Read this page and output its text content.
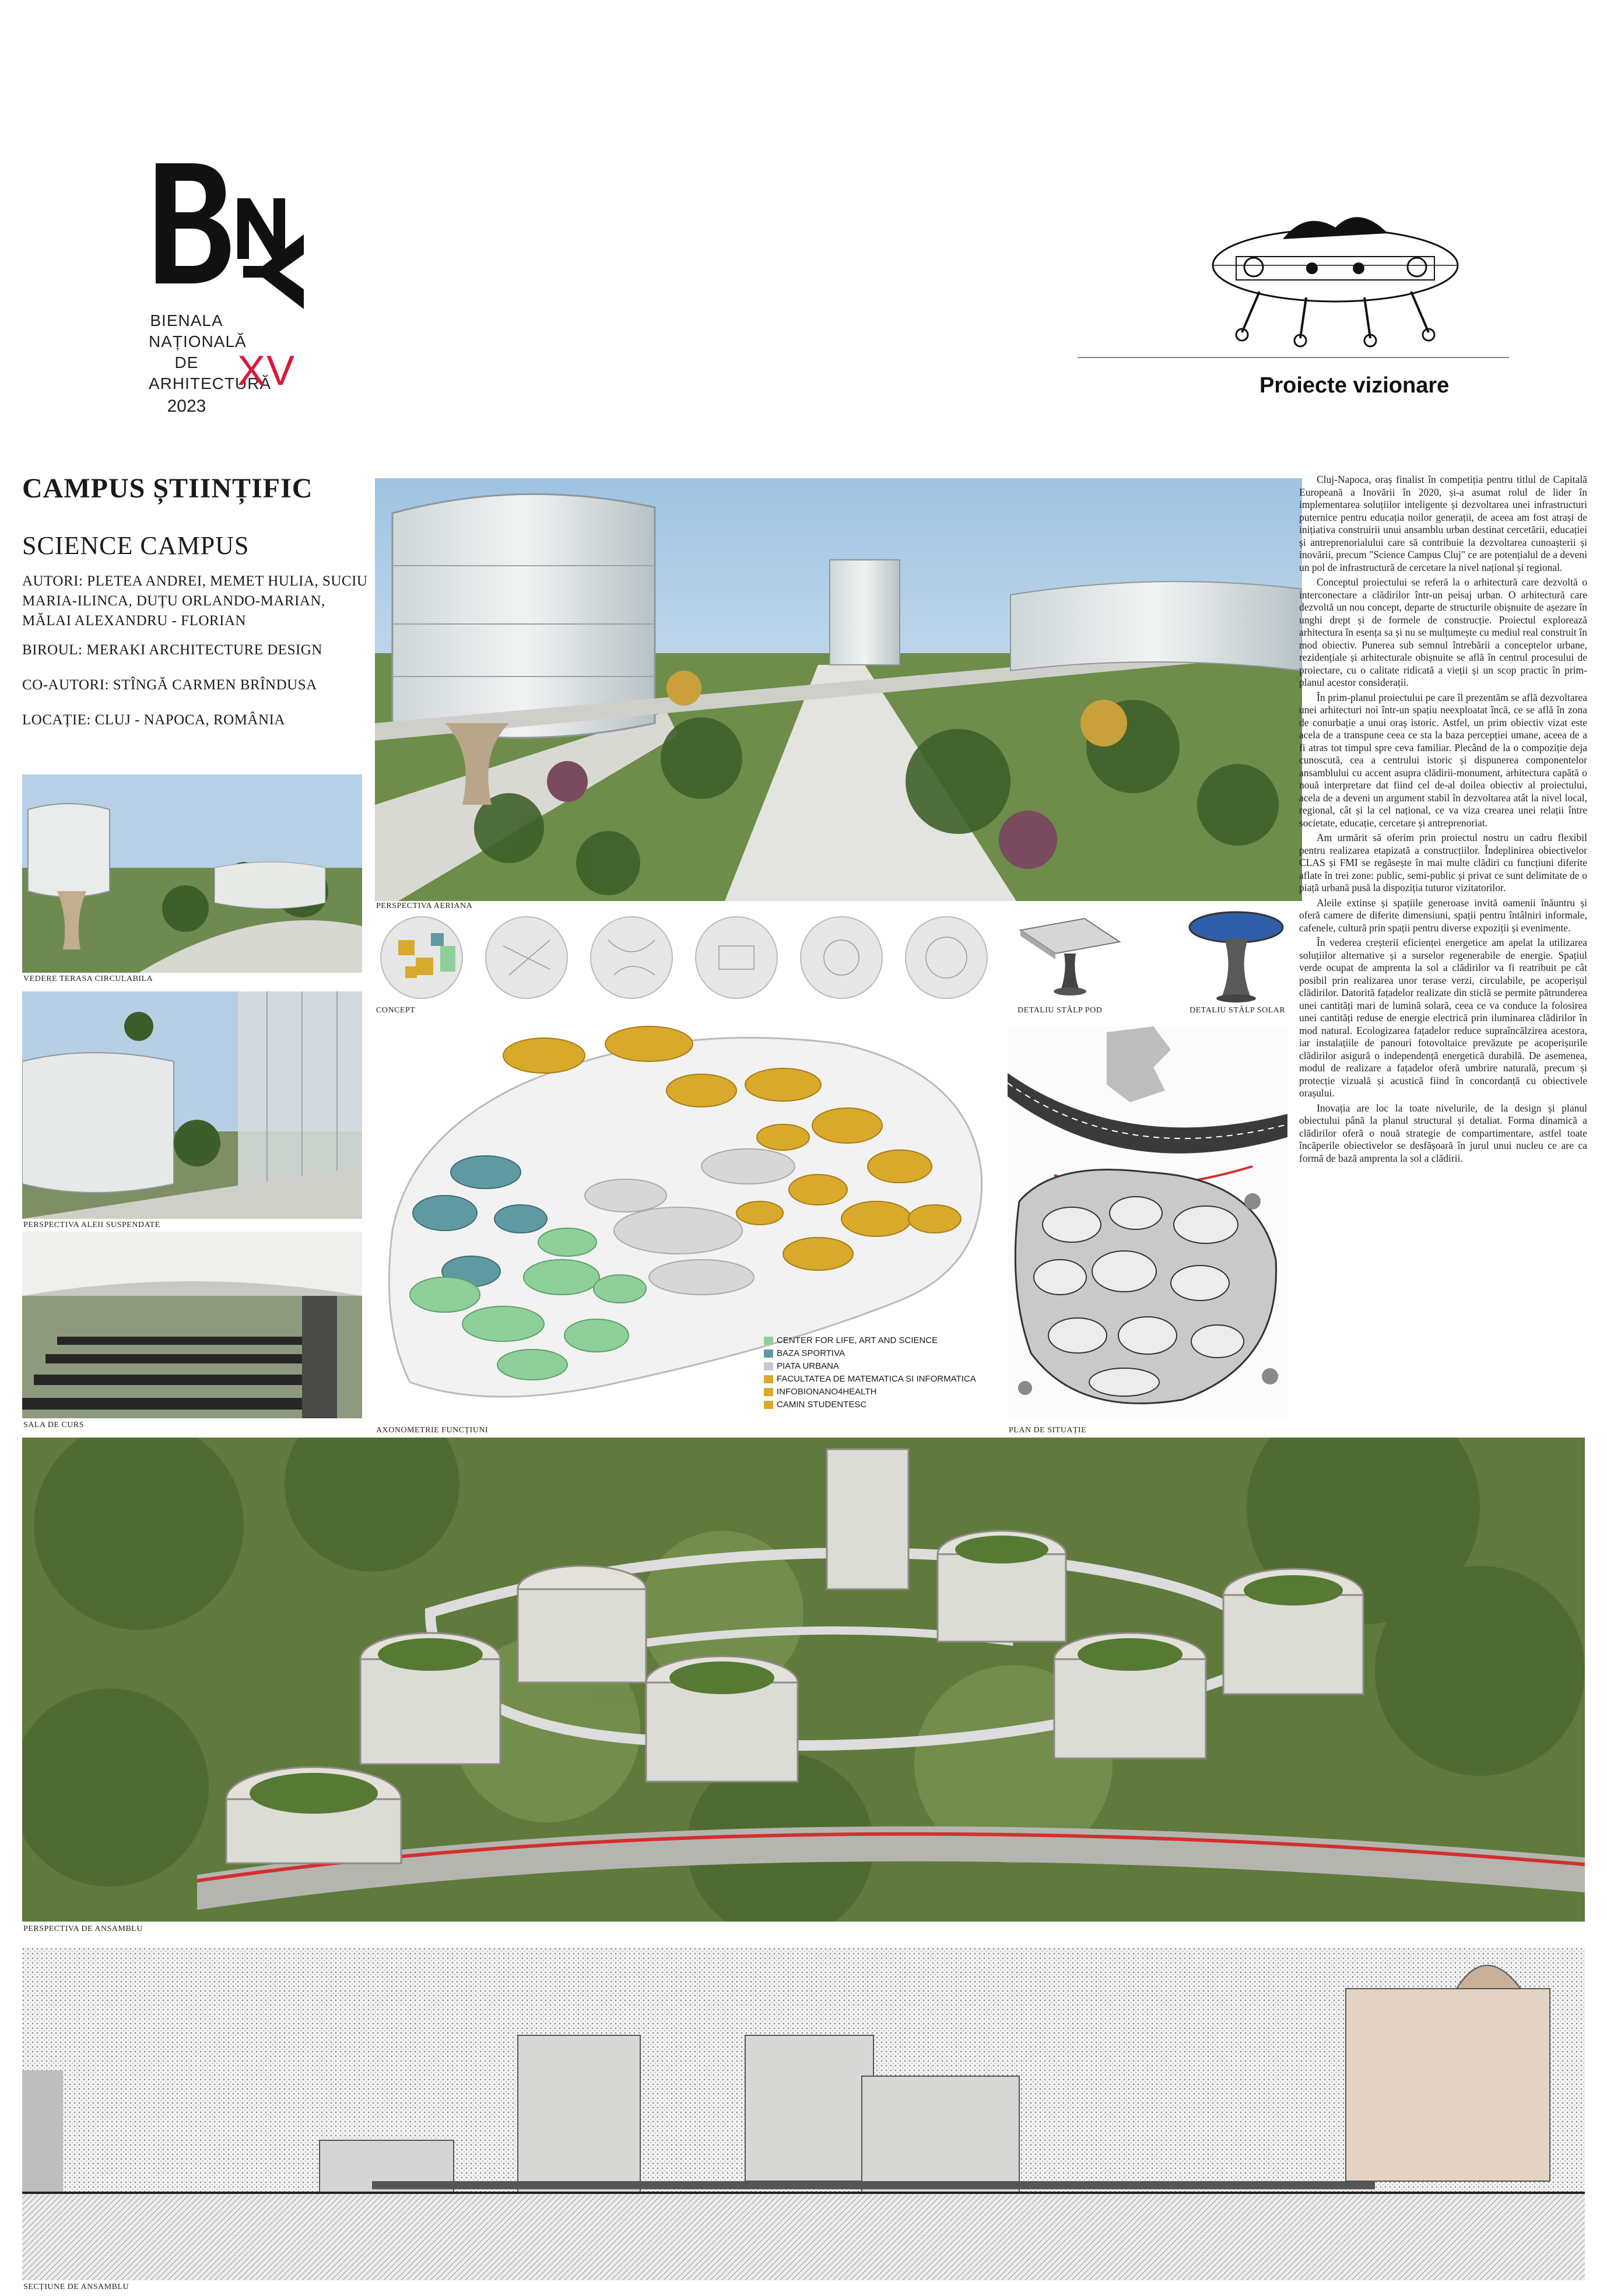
BIENALA
NAȚIONALĂ
DE
ARHITECTURĂ
XV
2023
Proiecte vizionare
CAMPUS ȘTIINȚIFIC
SCIENCE CAMPUS
AUTORI: PLETEA ANDREI, MEMET HULIA, SUCIU MARIA-ILINCA, DUȚU ORLANDO-MARIAN, MĂLAI ALEXANDRU - FLORIAN
BIROUL: MERAKI ARCHITECTURE DESIGN
CO-AUTORI: STÎNGĂ CARMEN BRÎNDUSA
LOCAȚIE: CLUJ - NAPOCA, ROMÂNIA
PERSPECTIVA AERIANA
VEDERE TERASA CIRCULABILA
PERSPECTIVA ALEII SUSPENDATE
SALA DE CURS
CONCEPT	DETALIU STÂLP POD	DETALIU STÂLP SOLAR
CENTER FOR LIFE, ART AND SCIENCE
BAZA SPORTIVA
PIATA URBANA
FACULTATEA DE MATEMATICA SI INFORMATICA
INFOBIONANO4HEALTH
CAMIN STUDENTESC
AXONOMETRIE FUNCȚIUNI	PLAN DE SITUAȚIE

Cluj-Napoca, oraș finalist în competiția pentru titlul de Capitală Europeană a Inovării în 2020, și-a asumat rolul de lider în implementarea soluțiilor inteligente și dezvoltarea unei infrastructuri puternice pentru educația noilor generații, de aceea am fost atrași de inițiativa construirii unui ansamblu urban destinat cercetării, educației și antreprenorialului care să contribuie la dezvoltarea cunoașterii și inovării, precum "Science Campus Cluj" ce are potențialul de a deveni un pol de infrastructură de cercetare la nivel național și regional.

Conceptul proiectului se referă la o arhitectură care dezvoltă o interconectare a clădirilor într-un peisaj urban. O arhitectură care dezvoltă un nou concept, departe de structurile obișnuite de așezare în unghi drept și de formele de construcție. Proiectul explorează arhitectura în esența sa și nu se mulțumește cu mediul real construit în mod obiectiv. Punerea sub semnul întrebării a conceptelor urbane, rezidențiale și arhitecturale obișnuite se află în centrul procesului de proiectare, cu o calitate ridicată a vieții și un scop practic în prim-planul acestor considerații.

În prim-planul proiectului pe care îl prezentăm se află dezvoltarea unei arhitecturi noi într-un spațiu neexploatat încă, ce se află în zona de conurbație a unui oraș istoric. Astfel, un prim obiectiv vizat este acela de a transpune ceea ce sta la baza percepției umane, aceea de a fi atras tot timpul spre ceva familiar. Plecând de la o compoziție deja cunoscută, cea a centrului istoric și dispunerea componentelor ansamblului cu accent asupra clădirii-monument, arhitectura capătă o nouă interpretare dat fiind cel de-al doilea obiectiv al proiectului, acela de a deveni un argument stabil în dezvoltarea atât la nivel local, regional, cât și la cel național, ce va viza crearea unei relații între societate, educație, cercetare și antreprenoriat.

Am urmărit să oferim prin proiectul nostru un cadru flexibil pentru realizarea etapizată a construcțiilor. Îndeplinirea obiectivelor CLAS și FMI se regăsește în mai multe clădiri cu funcțiuni diferite aflate în trei zone: public, semi-public și privat ce sunt delimitate de o piață urbană pusă la dispoziția tuturor vizitatorilor.

Aleile extinse și spațiile generoase invită oamenii înăuntru și oferă camere de diferite dimensiuni, spații pentru întâlniri informale, cafenele, cultură prin spații pentru diverse expoziții și evenimente.

În vederea creșterii eficienței energetice am apelat la utilizarea soluțiilor alternative și a surselor regenerabile de energie. Spațiul verde ocupat de amprenta la sol a clădirilor va fi reatribuit pe cât posibil prin realizarea unor terase verzi, circulabile, pe acoperișul clădirilor. Datorită fațadelor realizate din sticlă se permite pătrunderea unei cantități mari de lumină solară, ceea ce va conduce la folosirea unei cantități reduse de energie electrică prin iluminarea clădirilor în mod natural. Ecologizarea fațadelor reduce supraîncălzirea acestora, iar instalațiile de panouri fotovoltaice prevăzute pe acoperișurile clădirilor asigură o independență energetică durabilă. De asemenea, modul de realizare a fațadelor oferă umbrire naturală, precum și protecție vizuală și acustică fiind în concordanță cu obiectivele orașului.

Inovația are loc la toate nivelurile, de la design și planul obiectului până la planul structural și detaliat. Forma dinamică a clădirilor oferă o nouă strategie de compartimentare, astfel toate încăperile obiectivelor se desfășoară în jurul unui nucleu ce are ca formă de bază amprenta la sol a clădirii.

PERSPECTIVA DE ANSAMBLU
SECȚIUNE DE ANSAMBLU
